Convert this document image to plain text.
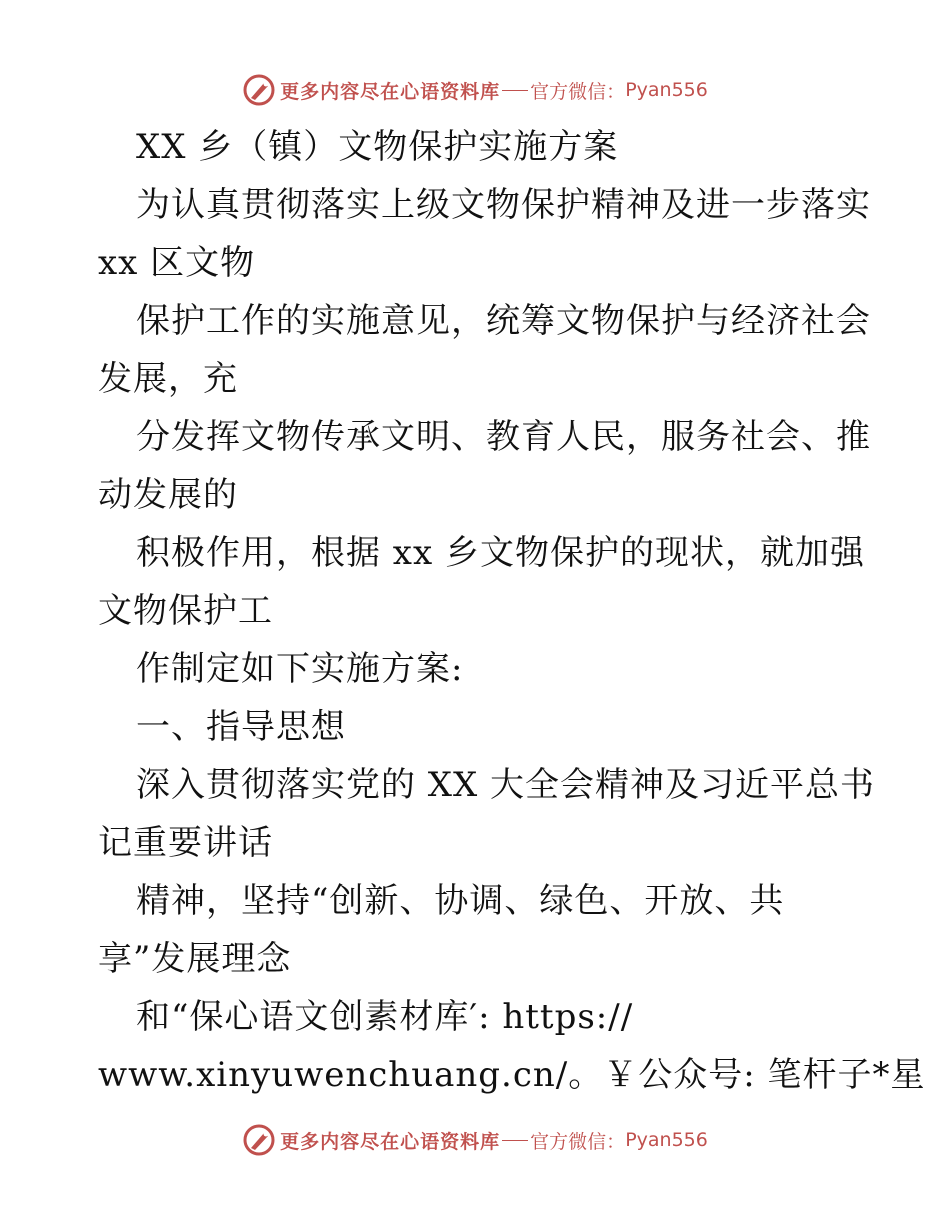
更多内容尽在心语资料库 官方微信： Pyan556
XX 乡（镇）文物保护实施方案
为认真贯彻落实上级文物保护精神及进一步落实
xx 区文物
保护工作的实施意见，统筹文物保护与经济社会
发展，充
分发挥文物传承文明、教育人民，服务社会、推
动发展的
积极作用，根据 xx 乡文物保护的现状，就加强
文物保护工
作制定如下实施方案:
一、指导思想
深入贯彻落实党的 XX 大全会精神及习近平总书
记重要讲话
精神，坚持“创新、协调、绿色、开放、共
享”发展理念
和“保心语文创素材库′: https://
www.xinyuwenchuang.cn/。￥公众号: 笔杆子*星
更多内容尽在心语资料库 官方微信： Pyan556
